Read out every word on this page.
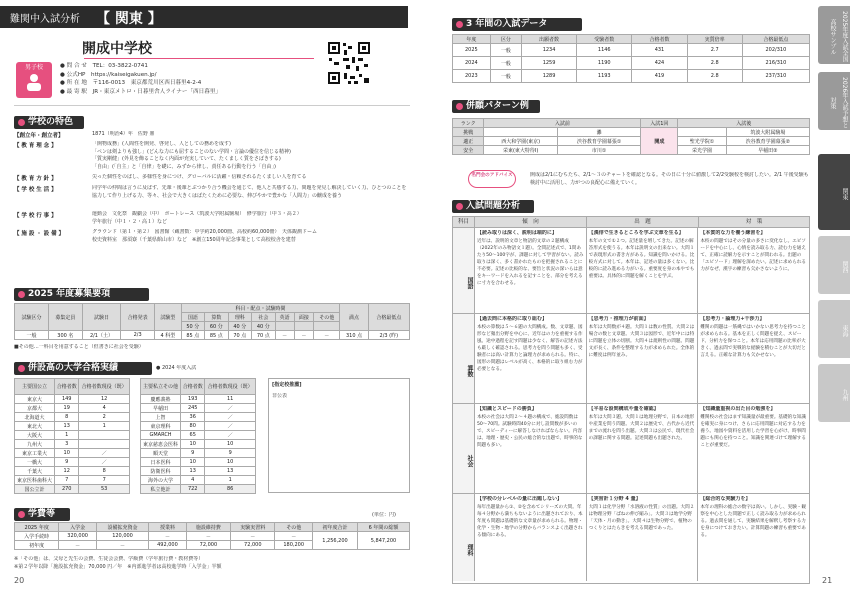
難関中入試分析 【 関東 】
開成中学校
男子校	● 問 合 せ　TEL：03-3822-0741
● 公式HP　https://kaiseigakuen.jp/
● 所 在 地　〒116-0013　東京都荒川区西日暮里4-2-4
● 最 寄 駅　JR・東京メトロ・日暮里舎人ライナー「西日暮里」
学校の特色
【創立年・創立者】	1871（明治4）年　佐野 鼎
【 教 育 理 念 】	「開物成務」(人間性を開発、啓発し、人としての務めを成す)
「ペンは剣よりも強し」(どんな力にも屈することのない学問・言論の優位を信じる精神)
「質実剛健」(外見を飾ることなく内面が充実していて、たくましく質をさばきする)
「自由」(「自主」と「自律」を礎に、みずから律し、責任ある行動を行う「自由」)
【 教 育 方 針 】	尖った個性をのばし、多様性を身につけ、グローバルに活躍・信頼されるたくましい人を育てる
【 学 校 生 活 】	同学年の仲間は言うに及ばず、先輩・後輩とぶつかり合う機会を通じて、他人と共感する力、問題を発見し解決していく力、ひとつのことを協力して作り上げる力、等々、社会で大きくはばたくために必要な、伸びやかで豊かな「人間力」の醸成を養う
【 学 校 行 事 】	運動会　文化祭　観劇会（中）　ボートレース（筑波大学附属駒場）　修学旅行（中３・高２）
学年旅行（中１・２・高１）など
【 施 設 ・ 設 備 】	グラウンド（第１・第２）　図書館（蔵書数：中学約20,000冊、高校約60,000冊）　天体観測ドーム
校史資料室　那須寮（千葉県館山市）など　※創立150周年記念事業として高校校舎を建替
2025 年度募集要項
試験区分	募集定員	試験日	合格発表	試験型	科目・配点・試験時間							満点	合格最低点
					国語	算数	理科	社会	英語	面接	その他		
					50 分	60 分	40 分	40 分					
一般	300 名	2/1（土）	2/3	4 科型	85 点	85 点	70 点	70 点	－	－	－	310 点	2/3 (昨)
■その他…一科目を用意すること（但書きに社会を受験）
併設高の大学合格実績	● 2024 年度入試
主要国公立	合格者数	合格者数現役（既）
東京大	149	12
京都大	19	4
北海道大	8	2
東北大	13	1
大阪大	1	
九州大	3	
東京工業大	10	／
一橋大	9	／
千葉大	12	8
東京医科歯科大	7	7
国公立計	270	53
主要私立その他	合格者数	合格者数現役（既）
慶應義塾	193	11
早稲田	245	／
上智	36	／
東京理科	80	／
GMARCH	65	／
東京慈恵会医科	10	10
順天堂	9	9
日本医科	10	10
防衛医科	13	13
海外の大学	4	1
私立他計	722	86
[指定校推薦]
非公表
学費等	(単位：円)
2025 年度	入学金	設備拡充資金	授業料	施設維持費	実験実習料	その他	初年度合計	6 年間の総額
入学手続時	320,000	120,000	－	－	－	－	1,256,200	5,847,200
初年度	－	－	492,000	72,000	72,000	180,200		
※「その他」は、父母と先生の会費、生徒会会費、学級費（学年旅行費・教材費等）
※第２学年以降「施設拡充資金」70,000 円／年　※内部進学者は高校進学時「入学金」半額
20
3 年間の入試データ
年度	区分	出願者数	受験者数	合格者数	実質倍率	合格最低点
2025	一般	1234	1146	431	2.7	202/310
2024	一般	1259	1190	424	2.8	216/310
2023	一般	1289	1193	419	2.8	237/310
併願パターン例
ランク	入試前		入試1回	入試後	
挑戦		灘	開成		筑波大附属駒場
適正	西大和学園(東京)	渋谷教育学園幕張①		聖光学院①	渋谷教育学園幕張②
安全	栄東(東大特待Ⅰ)	市川①		栄光学園	早稲田②
名門会のアドバイス	開成は2/1にむちたち、2/1～３のチャートを確認となる。その日に十分に値激して2/2受験校を検討したい。2/1 午後受験も検討中に活用し、力がつの良配心に備えていく。
入試問題分析
科目	傾　向	出　題	対　策
国語
【読み取りは深く、説明は端的に】
近年は、説明的文章と物語的文章の２題構成（2022年のみ物語文１題）。全問記述式で、1問あたり50～100字が、課題に対して学習がない。読み取りは深く、多く書かれたものを把握されることに不必要。記述の比較的な、要旨と状況の深いらは意をキーワードを入れるを記すことを、部分を考えるに寸力を合わせる。
【漢俳で生きるところを学ぶ文章を生る】
本年の文で①２つ。記述量を増してきた。記述の解答形式を使うる。本年は説明文の出来ない。大問１で表現形式の書き方がある。知識を問いかける。比較方式に対して。本年は、記述の量は多くない。比較的に読み進める力がいる。重要度を身の本やでも重要は。具体的に問題を解くことを学ぶ。
【本質的な力を養う練習を】
本校の問題ではその分量の多さに変化なし。エピソードを中心にし、心情を読み取る力、読む力を通えて、正確に読解力を示すことが問われる。出題の「エピソード」理解を深めたい。記述に求められる力がなぜ、漢字の練習も欠かさないように。
算数
【過去問に本格的に取り組む】
本校の算数は５～６題の大問構成。数、文章題、図形など頻出分野を中心に、近年はの力を重視する作風、途中過程を記す問題は少なく、解答の記述方法も厳しく確認される。思考力を問う問題も多く、受験者には高い計算力と論理力が求められる。特に、図形の問題はレベルが高く、本格的に取り組む力が必要となる。
【思考力・推理力が前面】
本年は大問数が４題。大問１は数の性質。大問２は場合の数と文章題。大問３は図形で、近年中には特に問題を立体の切断。大問４は規則性の問題。問題文が長く、条件を整理する力が求められた。全体的に難度は例年並み。
【思考力・論理力+干渉力】
難関の問題は一筋縄ではいかない思考力を持つことが求められる。基本を正しく問題を捉え、スピード、分析力を保つこと。本年は応用問題の比率が大きく、過去問で実戦的な経験を積むことが大切だと言える。正確な計算力も欠かせない。
社会
【知識とスピードの勝負】
本校の社会は大問２～４題の構成で、総設問数は50～70問。試験時間40分に対し設問数が多いので、スピーディーに解答しなければならない。内容は、地理・歴史・公民の総合的な出題で、時事的な問題も多い。
【平易な設問構成や量を確認】
本年は大問３題。大問１は地理分野で、日本の地形や産業を問う問題。大問２は歴史で、古代から近代までの流れを問う出題。大問３は公民で、現代社会の課題に関する問題。記述問題も出題された。
【知識量重視の出た目の勉強を】
難関校の社会はまず知識量が最重要。基礎的な知識を確実に身につけ、さらに応用問題に対応する力を養う。地図や資料を活用した学習を心がけ、時事問題にも関心を持つこと。知識を関連づけて理解することが重要だ。
理科
【学校の分レベルの量に出題しない】
毎年出題量から①、②を含めてシリーズの大問。年毎４分野から満ちもないように出題されており、本年度も問題は基礎的な文章量が求められる。物理・化学・生物・地学の分野からバランスよく出題される傾向にある。
【実習計１分野 4 量】
大問１は化学分野「水溶液の性質」の出題。大問２は物理分野「ばねの伸び縮み」。大問３は地学分野「天体・月の動き」。大問４は生物分野で、植物のつくりとはたらきを考える問題であった。
【総合的な実験力を】
本年の理科の総合の数字は高い。しかし、実験・観察を中心とした問題で正しく読み取る力が求められる。過去問を通して、実験結果を解釈し考察する力を身につけておきたい。計算問題の練習も重要である。
21
2025年度入試全国高校サンプル
2026年入試予想と対策
関東
関西
東海
九州
